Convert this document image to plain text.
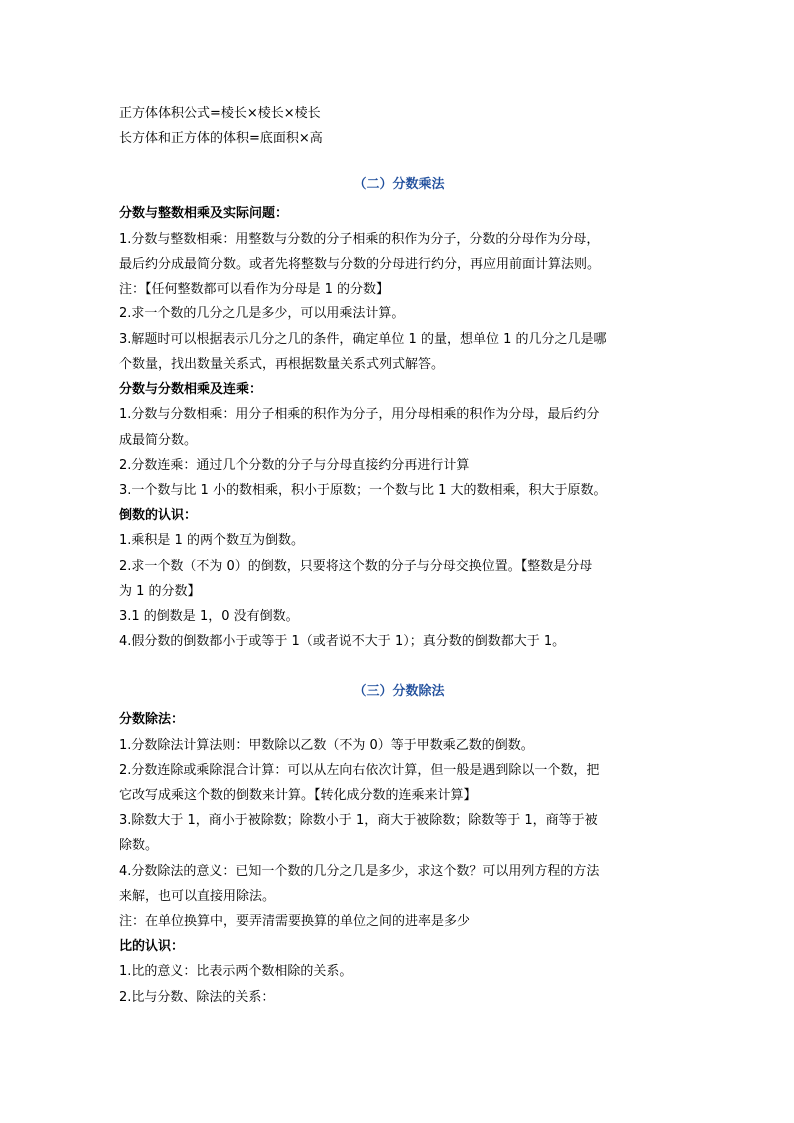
正方体体积公式=棱长×棱长×棱长
长方体和正方体的体积=底面积×高
（二）分数乘法
分数与整数相乘及实际问题：
1.分数与整数相乘：用整数与分数的分子相乘的积作为分子，分数的分母作为分母，
最后约分成最简分数。或者先将整数与分数的分母进行约分，再应用前面计算法则。
注：【任何整数都可以看作为分母是 1 的分数】
2.求一个数的几分之几是多少，可以用乘法计算。
3.解题时可以根据表示几分之几的条件，确定单位 1 的量，想单位 1 的几分之几是哪
个数量，找出数量关系式，再根据数量关系式列式解答。
分数与分数相乘及连乘：
1.分数与分数相乘：用分子相乘的积作为分子，用分母相乘的积作为分母，最后约分
成最简分数。
2.分数连乘：通过几个分数的分子与分母直接约分再进行计算
3.一个数与比 1 小的数相乘，积小于原数；一个数与比 1 大的数相乘，积大于原数。
倒数的认识：
1.乘积是 1 的两个数互为倒数。
2.求一个数（不为 0）的倒数，只要将这个数的分子与分母交换位置。【整数是分母
为 1 的分数】
3.1 的倒数是 1，0 没有倒数。
4.假分数的倒数都小于或等于 1（或者说不大于 1）；真分数的倒数都大于 1。
（三）分数除法
分数除法：
1.分数除法计算法则：甲数除以乙数（不为 0）等于甲数乘乙数的倒数。
2.分数连除或乘除混合计算：可以从左向右依次计算，但一般是遇到除以一个数，把
它改写成乘这个数的倒数来计算。【转化成分数的连乘来计算】
3.除数大于 1，商小于被除数；除数小于 1，商大于被除数；除数等于 1，商等于被
除数。
4.分数除法的意义：已知一个数的几分之几是多少，求这个数？可以用列方程的方法
来解，也可以直接用除法。
注：在单位换算中，要弄清需要换算的单位之间的进率是多少
比的认识：
1.比的意义：比表示两个数相除的关系。
2.比与分数、除法的关系：
